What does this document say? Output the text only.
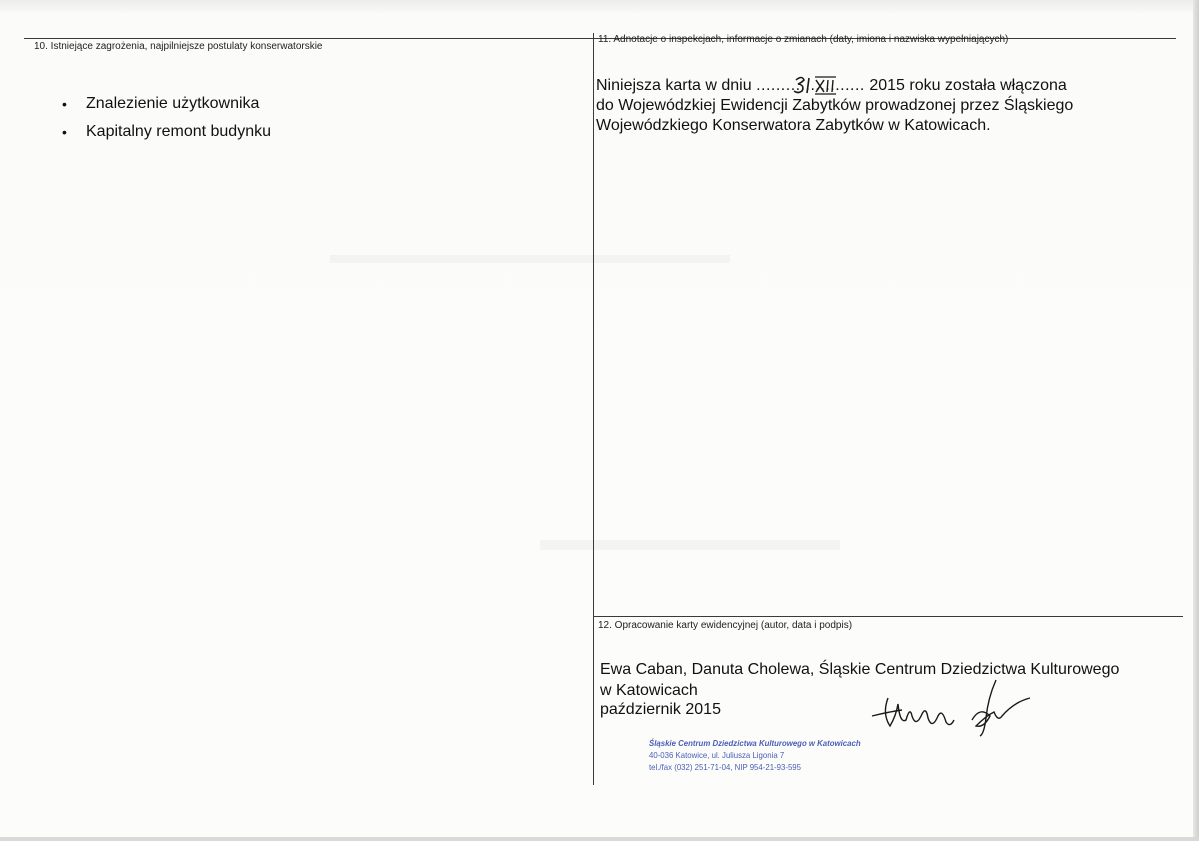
10. Istniejące zagrożenia, najpilniejsze postulaty konserwatorskie
• Znalezienie użytkownika
• Kapitalny remont budynku
11. Adnotacje o inspekcjach, informacje o zmianach (daty, imiona i nazwiska wypełniających)
Niniejsza karta w dniu ...................... 2015 roku została włączona
do Wojewódzkiej Ewidencji Zabytków prowadzonej przez Śląskiego
Wojewódzkiego Konserwatora Zabytków w Katowicach.
12. Opracowanie karty ewidencyjnej (autor, data i podpis)
Ewa Caban, Danuta Cholewa, Śląskie Centrum Dziedzictwa Kulturowego
w Katowicach
październik 2015
Śląskie Centrum Dziedzictwa Kulturowego w Katowicach
40-036 Katowice, ul. Juliusza Ligonia 7
tel./fax (032) 251-71-04, NIP 954-21-93-595
